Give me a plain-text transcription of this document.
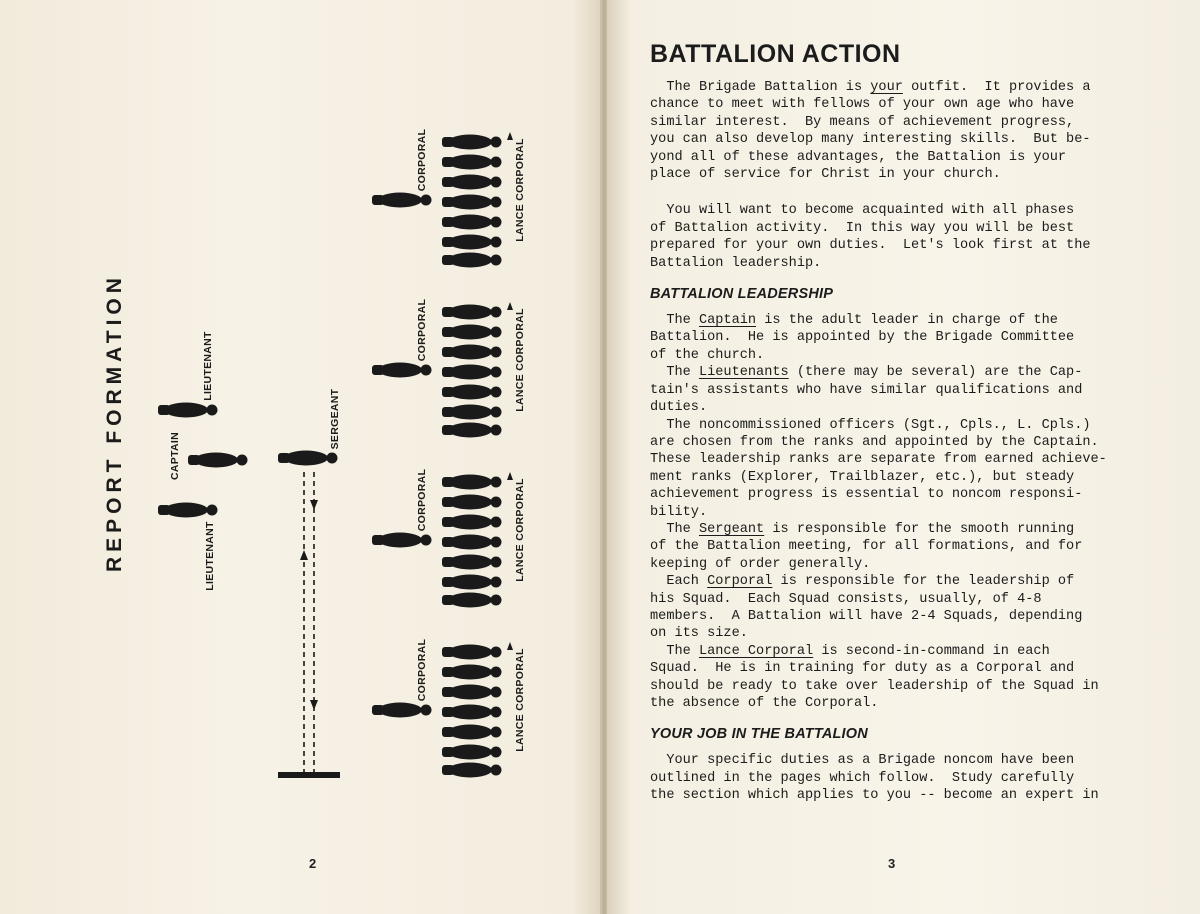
REPORT FORMATION	LIEUTENANT
CAPTAIN
LIEUTENANT
SERGEANT
CORPORAL	LANCE CORPORAL
CORPORAL	LANCE CORPORAL
CORPORAL	LANCE CORPORAL
CORPORAL	LANCE CORPORAL
2
BATTALION ACTION
The Brigade Battalion is your outfit.  It provides a
chance to meet with fellows of your own age who have
similar interest.  By means of achievement progress,
you can also develop many interesting skills.  But be-
yond all of these advantages, the Battalion is your
place of service for Christ in your church.
You will want to become acquainted with all phases
of Battalion activity.  In this way you will be best
prepared for your own duties.  Let's look first at the
Battalion leadership.
BATTALION LEADERSHIP
The Captain is the adult leader in charge of the
Battalion.  He is appointed by the Brigade Committee
of the church.
The Lieutenants (there may be several) are the Cap-
tain's assistants who have similar qualifications and
duties.
The noncommissioned officers (Sgt., Cpls., L. Cpls.)
are chosen from the ranks and appointed by the Captain.
These leadership ranks are separate from earned achieve-
ment ranks (Explorer, Trailblazer, etc.), but steady
achievement progress is essential to noncom responsi-
bility.
The Sergeant is responsible for the smooth running
of the Battalion meeting, for all formations, and for
keeping of order generally.
Each Corporal is responsible for the leadership of
his Squad.  Each Squad consists, usually, of 4-8
members.  A Battalion will have 2-4 Squads, depending
on its size.
The Lance Corporal is second-in-command in each
Squad.  He is in training for duty as a Corporal and
should be ready to take over leadership of the Squad in
the absence of the Corporal.
YOUR JOB IN THE BATTALION
Your specific duties as a Brigade noncom have been
outlined in the pages which follow.  Study carefully
the section which applies to you -- become an expert in
3
